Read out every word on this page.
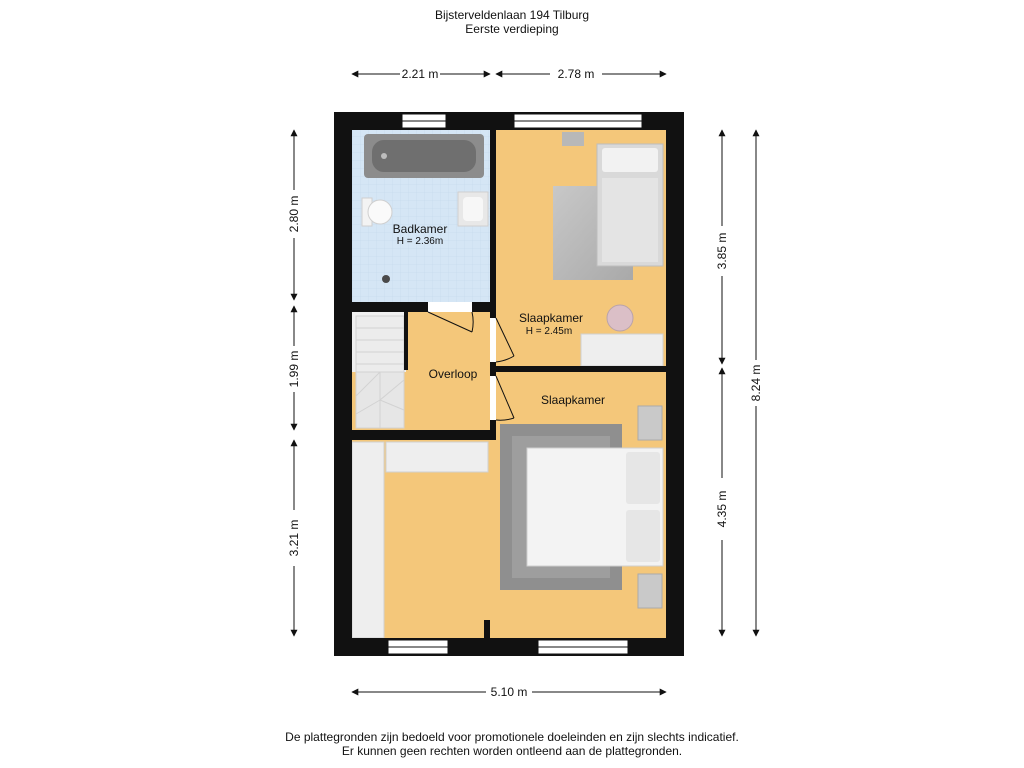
Bijsterveldenlaan 194 Tilburg
Eerste verdieping
2.21 m	2.78 m
5.10 m
2.80 m
1.99 m
3.21 m
3.85 m
4.35 m
8.24 m
Badkamer
H = 2.36m
Slaapkamer
H = 2.45m
Overloop
Slaapkamer
De plattegronden zijn bedoeld voor promotionele doeleinden en zijn slechts indicatief.
Er kunnen geen rechten worden ontleend aan de plattegronden.
